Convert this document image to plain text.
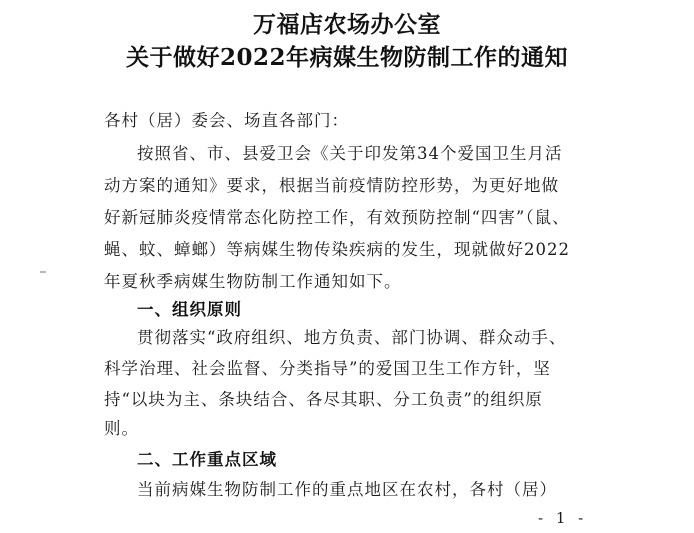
万福店农场办公室
关于做好2022年病媒生物防制工作的通知
各村（居）委会、场直各部门：
按照省、市、县爱卫会《关于印发第34个爱国卫生月活
动方案的通知》要求，根据当前疫情防控形势，为更好地做
好新冠肺炎疫情常态化防控工作，有效预防控制“四害”（鼠、
蝇、蚊、蟑螂）等病媒生物传染疾病的发生，现就做好2022
年夏秋季病媒生物防制工作通知如下。
一、组织原则
贯彻落实“政府组织、地方负责、部门协调、群众动手、
科学治理、社会监督、分类指导”的爱国卫生工作方针，坚
持“以块为主、条块结合、各尽其职、分工负责”的组织原
则。
二、工作重点区域
当前病媒生物防制工作的重点地区在农村，各村（居）
- 1 -
